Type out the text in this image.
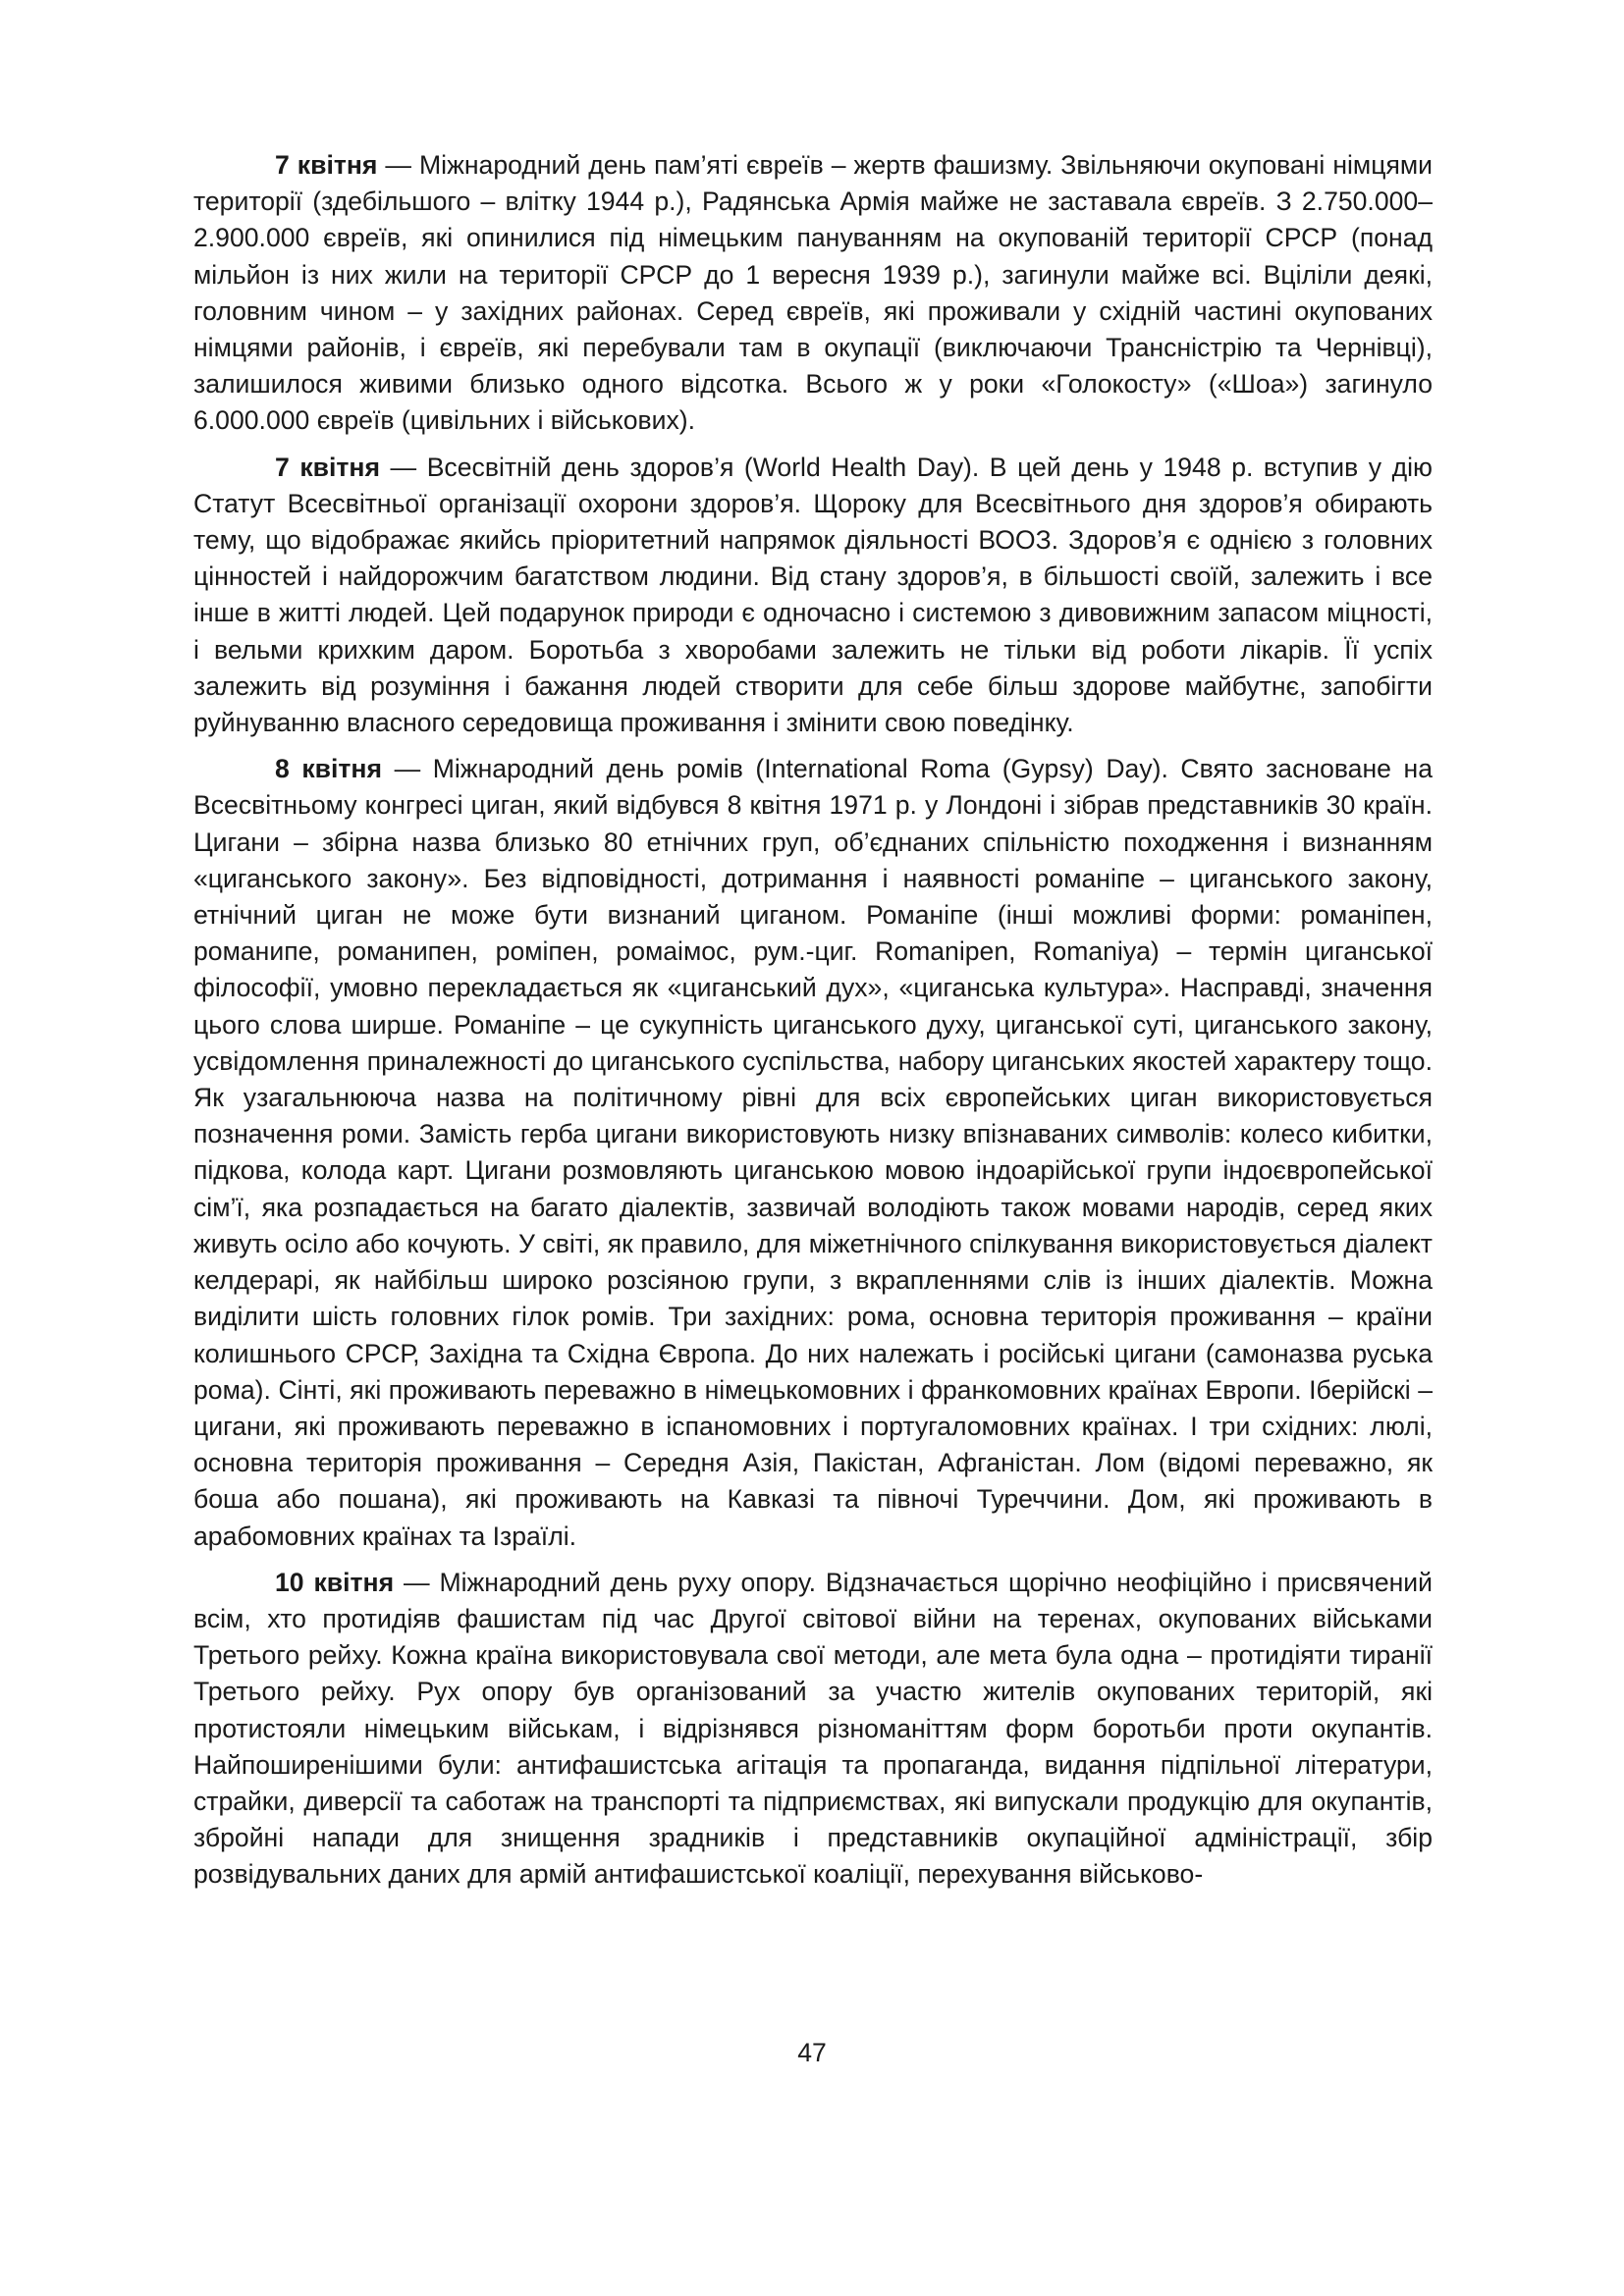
7 квітня — Міжнародний день пам’яті євреїв – жертв фашизму. Звільняючи окуповані німцями території (здебільшого – влітку 1944 р.), Радянська Армія майже не заставала євреїв. З 2.750.000–2.900.000 євреїв, які опинилися під німецьким пануванням на окупованій території СРСР (понад мільйон із них жили на території СРСР до 1 вересня 1939 р.), загинули майже всі. Вціліли деякі, головним чином – у західних районах. Серед євреїв, які проживали у східній частині окупованих німцями районів, і євреїв, які перебували там в окупації (виключаючи Трансністрію та Чернівці), залишилося живими близько одного відсотка. Всього ж у роки «Голокосту» («Шоа») загинуло 6.000.000 євреїв (цивільних і військових).

7 квітня — Всесвітній день здоров’я (World Health Day). В цей день у 1948 р. вступив у дію Статут Всесвітньої організації охорони здоров’я. Щороку для Всесвітнього дня здоров’я обирають тему, що відображає якийсь пріоритетний напрямок діяльності ВООЗ. Здоров’я є однією з головних цінностей і найдорожчим багатством людини. Від стану здоров’я, в більшості своїй, залежить і все інше в житті людей. Цей подарунок природи є одночасно і системою з дивовижним запасом міцності, і вельми крихким даром. Боротьба з хворобами залежить не тільки від роботи лікарів. Її успіх залежить від розуміння і бажання людей створити для себе більш здорове майбутнє, запобігти руйнуванню власного середовища проживання і змінити свою поведінку.

8 квітня — Міжнародний день ромів (International Roma (Gypsy) Day). Свято засноване на Всесвітньому конгресі циган, який відбувся 8 квітня 1971 р. у Лондоні і зібрав представників 30 країн. Цигани – збірна назва близько 80 етнічних груп, об’єднаних спільністю походження і визнанням «циганського закону». Без відповідності, дотримання і наявності романіпе – циганського закону, етнічний циган не може бути визнаний циганом. Романіпе (інші можливі форми: романіпен, романипе, романипен, роміпен, ромаімос, рум.-циг. Romanipen, Romaniya) – термін циганської філософії, умовно перекладається як «циганський дух», «циганська культура». Насправді, значення цього слова ширше. Романіпе – це сукупність циганського духу, циганської суті, циганського закону, усвідомлення приналежності до циганського суспільства, набору циганських якостей характеру тощо. Як узагальнююча назва на політичному рівні для всіх європейських циган використовується позначення роми. Замість герба цигани використовують низку впізнаваних символів: колесо кибитки, підкова, колода карт. Цигани розмовляють циганською мовою індоарійської групи індоєвропейської сім’ї, яка розпадається на багато діалектів, зазвичай володіють також мовами народів, серед яких живуть осіло або кочують. У світі, як правило, для міжетнічного спілкування використовується діалект келдерарі, як найбільш широко розсіяною групи, з вкрапленнями слів із інших діалектів. Можна виділити шість головних гілок ромів. Три західних: рома, основна територія проживання – країни колишнього СРСР, Західна та Східна Європа. До них належать і російські цигани (самоназва руська рома). Сінті, які проживають переважно в німецькомовних і франкомовних країнах Европи. Іберійскі – цигани, які проживають переважно в іспаномовних і португаломовних країнах. І три східних: люлі, основна територія проживання – Середня Азія, Пакістан, Афганістан. Лом (відомі переважно, як боша або пошана), які проживають на Кавказі та півночі Туреччини. Дом, які проживають в арабомовних країнах та Ізраїлі.

10 квітня — Міжнародний день руху опору. Відзначається щорічно неофіційно і присвячений всім, хто протидіяв фашистам під час Другої світової війни на теренах, окупованих військами Третього рейху. Кожна країна використовувала свої методи, але мета була одна – протидіяти тиранії Третього рейху. Рух опору був організований за участю жителів окупованих територій, які протистояли німецьким військам, і відрізнявся різноманіттям форм боротьби проти окупантів. Найпоширенішими були: антифашистська агітація та пропаганда, видання підпільної літератури, страйки, диверсії та саботаж на транспорті та підприємствах, які випускали продукцію для окупантів, збройні напади для знищення зрадників і представників окупаційної адміністрації, збір розвідувальних даних для армій антифашистської коаліції, перехування військово-

47
